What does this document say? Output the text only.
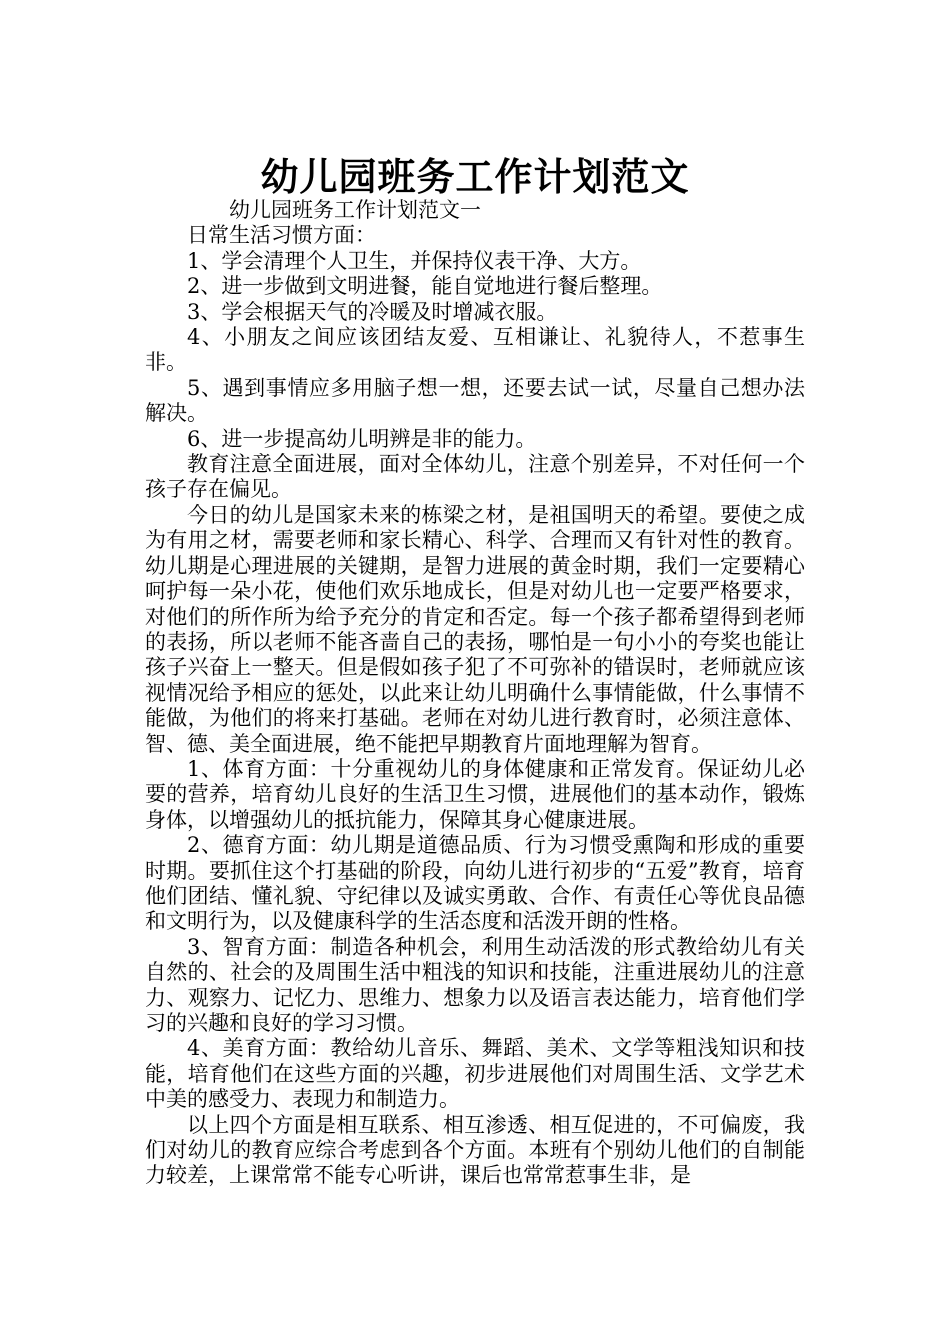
幼儿园班务工作计划范文

幼儿园班务工作计划范文一

日常生活习惯方面：

1、学会清理个人卫生，并保持仪表干净、大方。

2、进一步做到文明进餐，能自觉地进行餐后整理。

3、学会根据天气的冷暖及时增减衣服。

4、小朋友之间应该团结友爱、互相谦让、礼貌待人，不惹事生非。

5、遇到事情应多用脑子想一想，还要去试一试，尽量自己想办法解决。

6、进一步提高幼儿明辨是非的能力。

教育注意全面进展，面对全体幼儿，注意个别差异，不对任何一个孩子存在偏见。

今日的幼儿是国家未来的栋梁之材，是祖国明天的希望。要使之成为有用之材，需要老师和家长精心、科学、合理而又有针对性的教育。幼儿期是心理进展的关键期，是智力进展的黄金时期，我们一定要精心呵护每一朵小花，使他们欢乐地成长，但是对幼儿也一定要严格要求，对他们的所作所为给予充分的肯定和否定。每一个孩子都希望得到老师的表扬，所以老师不能吝啬自己的表扬，哪怕是一句小小的夸奖也能让孩子兴奋上一整天。但是假如孩子犯了不可弥补的错误时，老师就应该视情况给予相应的惩处，以此来让幼儿明确什么事情能做，什么事情不能做，为他们的将来打基础。老师在对幼儿进行教育时，必须注意体、智、德、美全面进展，绝不能把早期教育片面地理解为智育。

1、体育方面：十分重视幼儿的身体健康和正常发育。保证幼儿必要的营养，培育幼儿良好的生活卫生习惯，进展他们的基本动作，锻炼身体，以增强幼儿的抵抗能力，保障其身心健康进展。

2、德育方面：幼儿期是道德品质、行为习惯受熏陶和形成的重要时期。要抓住这个打基础的阶段，向幼儿进行初步的“五爱”教育，培育他们团结、懂礼貌、守纪律以及诚实勇敢、合作、有责任心等优良品德和文明行为，以及健康科学的生活态度和活泼开朗的性格。

3、智育方面：制造各种机会，利用生动活泼的形式教给幼儿有关自然的、社会的及周围生活中粗浅的知识和技能，注重进展幼儿的注意力、观察力、记忆力、思维力、想象力以及语言表达能力，培育他们学习的兴趣和良好的学习习惯。

4、美育方面：教给幼儿音乐、舞蹈、美术、文学等粗浅知识和技能，培育他们在这些方面的兴趣，初步进展他们对周围生活、文学艺术中美的感受力、表现力和制造力。

以上四个方面是相互联系、相互渗透、相互促进的，不可偏废，我们对幼儿的教育应综合考虑到各个方面。本班有个别幼儿他们的自制能力较差，上课常常不能专心听讲，课后也常常惹事生非，是
